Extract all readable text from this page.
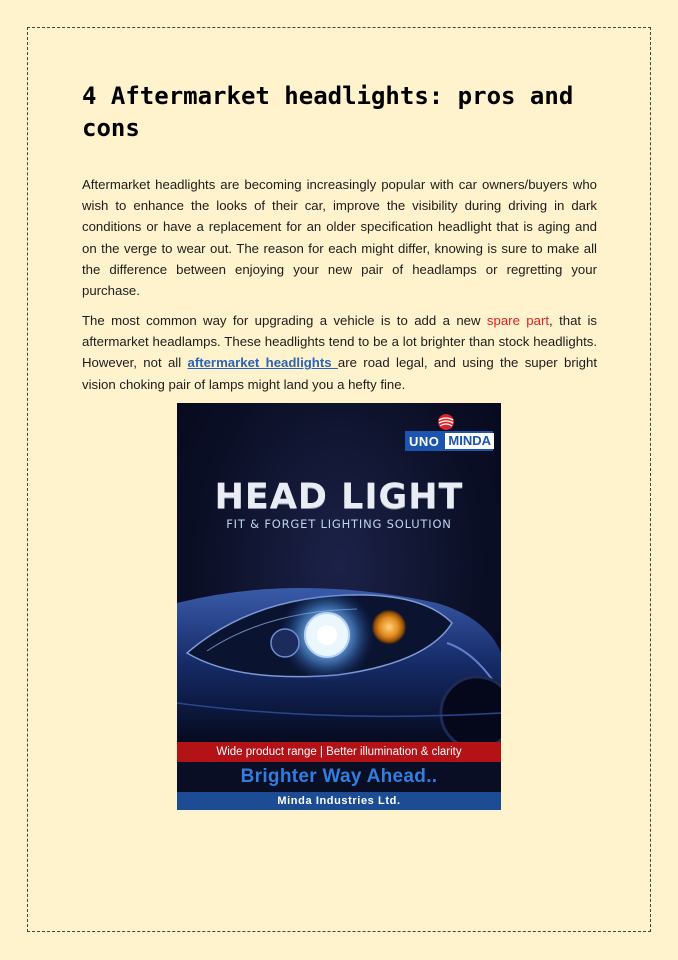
4 Aftermarket headlights: pros and cons

Aftermarket headlights are becoming increasingly popular with car owners/buyers who wish to enhance the looks of their car, improve the visibility during driving in dark conditions or have a replacement for an older specification headlight that is aging and on the verge to wear out. The reason for each might differ, knowing is sure to make all the difference between enjoying your new pair of headlamps or regretting your purchase.

The most common way for upgrading a vehicle is to add a new spare part, that is aftermarket headlamps. These headlights tend to be a lot brighter than stock headlights. However, not all aftermarket headlights are road legal, and using the super bright vision choking pair of lamps might land you a hefty fine.

UNO MINDA
HEAD LIGHT
FIT & FORGET LIGHTING SOLUTION
Wide product range | Better illumination & clarity
Brighter Way Ahead..
Minda Industries Ltd.
